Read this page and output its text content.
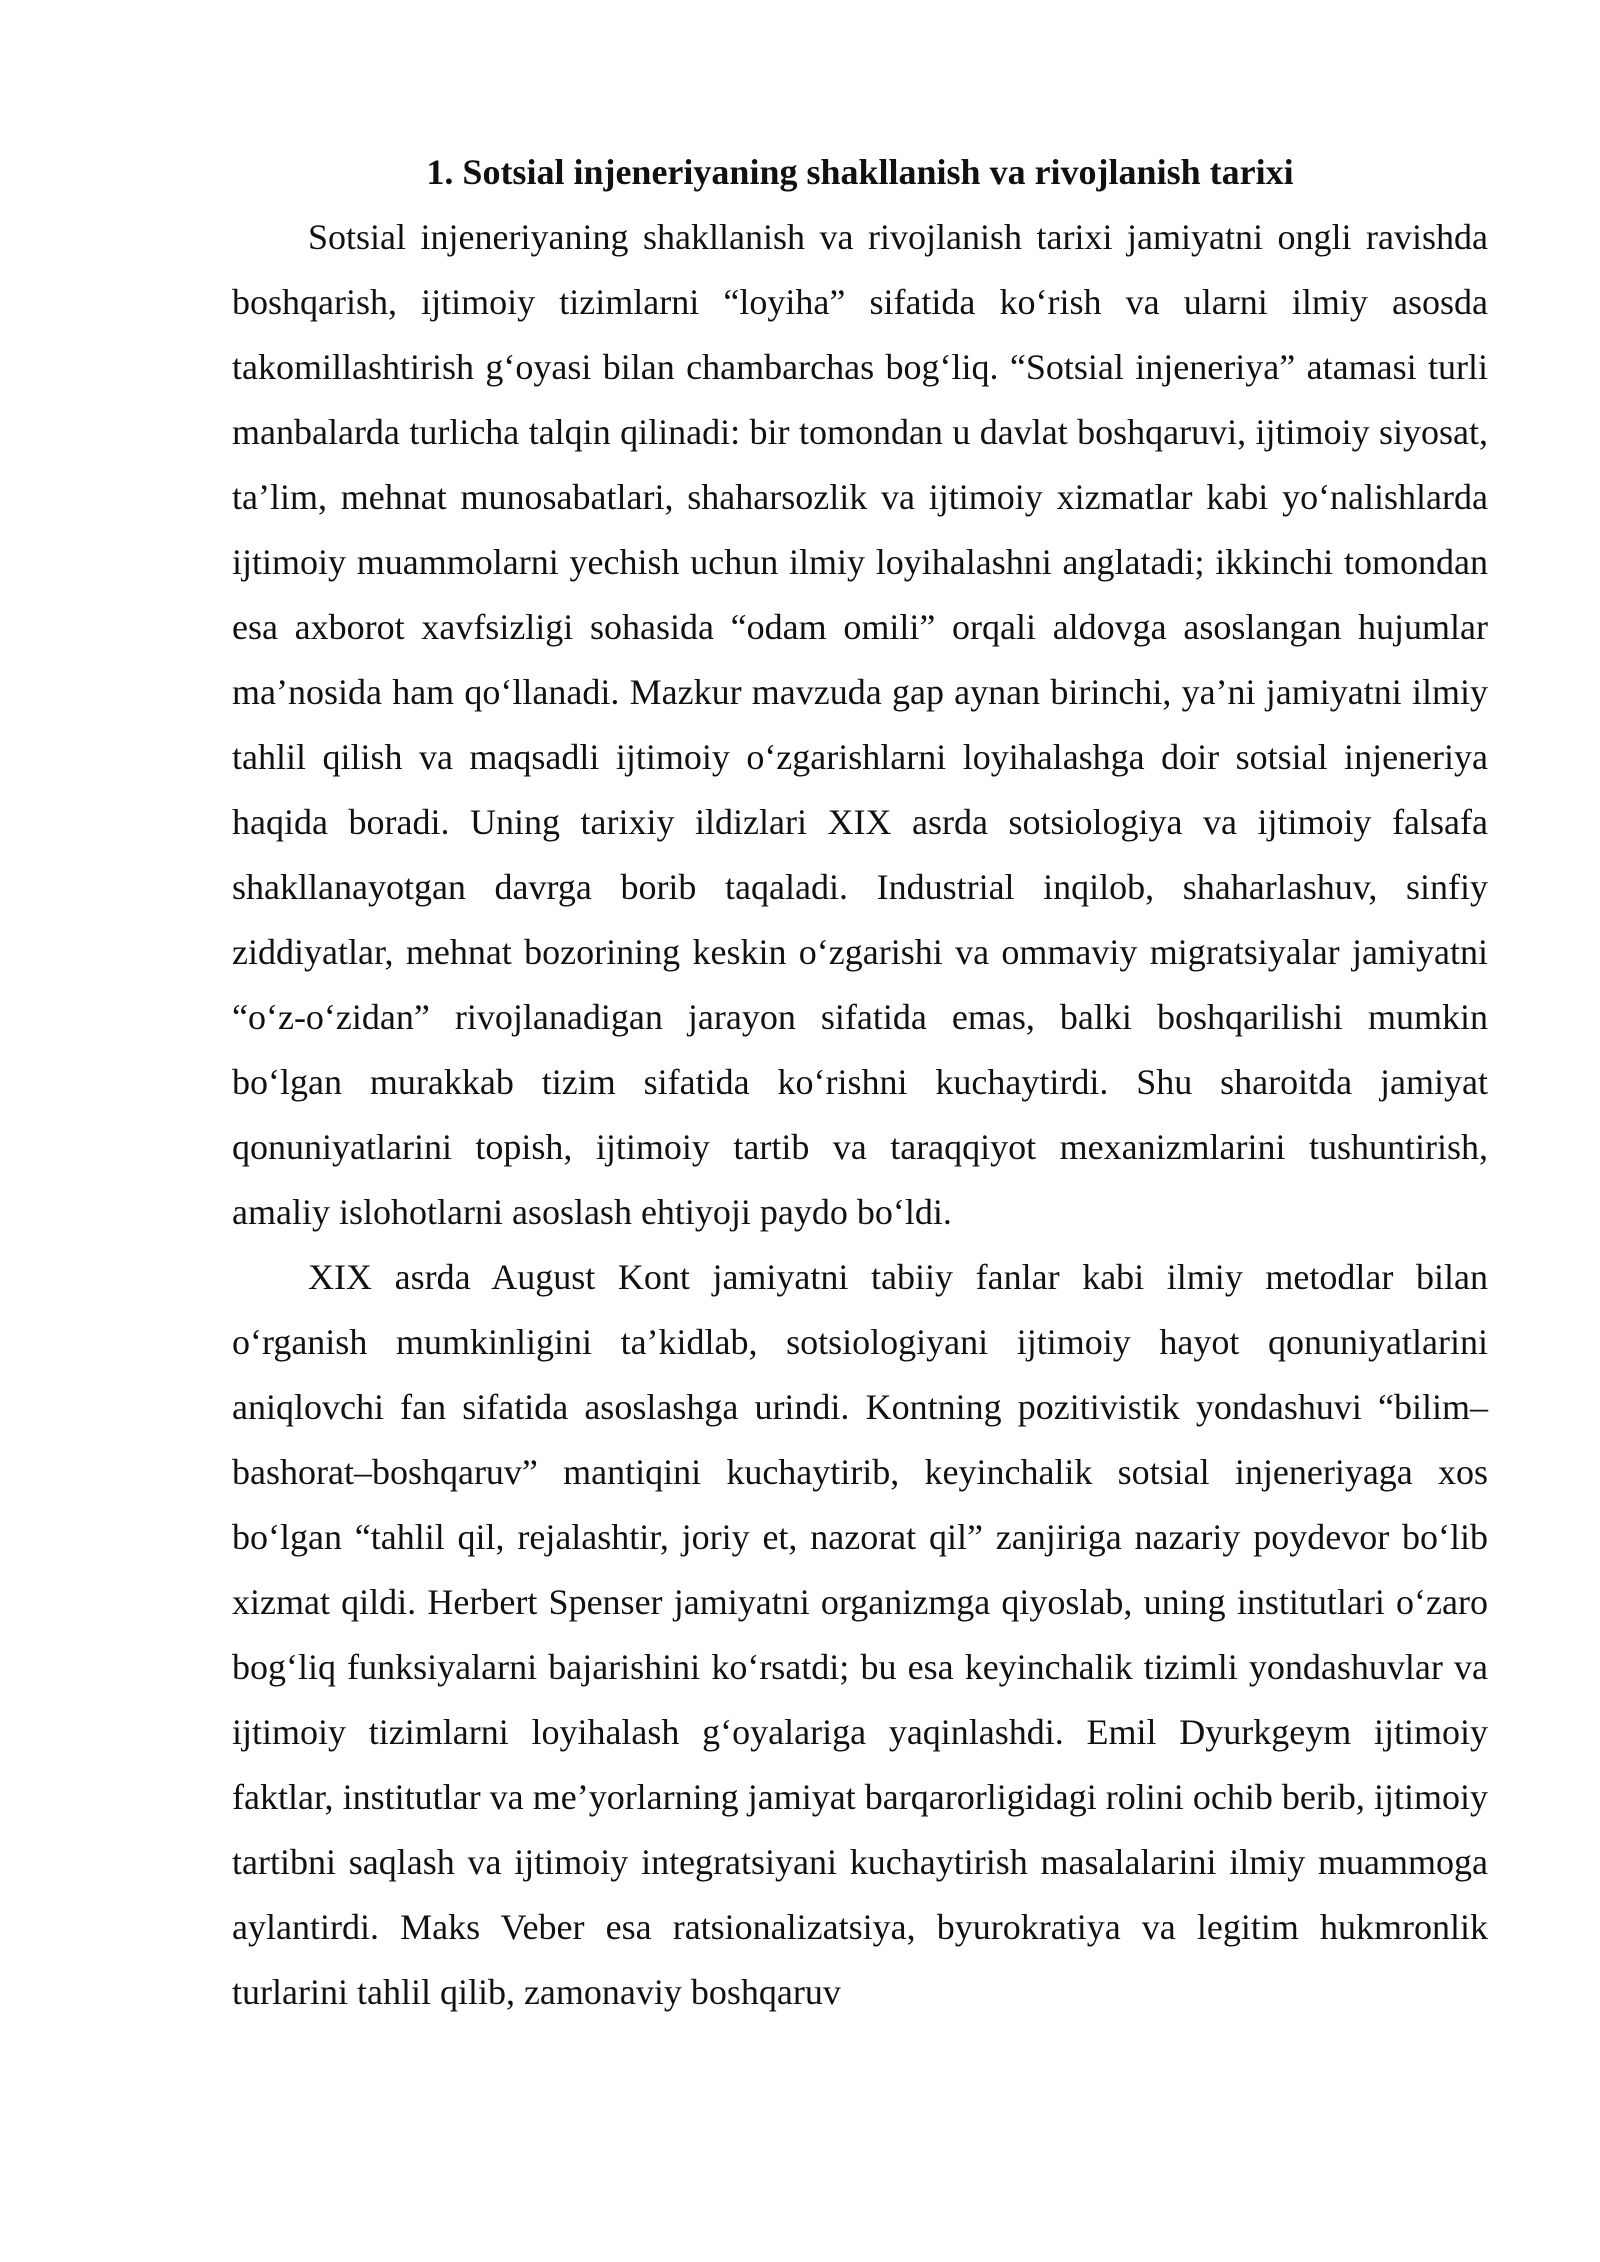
1. Sotsial injeneriyaning shakllanish va rivojlanish tarixi

Sotsial injeneriyaning shakllanish va rivojlanish tarixi jamiyatni ongli ravishda boshqarish, ijtimoiy tizimlarni “loyiha” sifatida ko‘rish va ularni ilmiy asosda takomillashtirish g‘oyasi bilan chambarchas bog‘liq. “Sotsial injeneriya” atamasi turli manbalarda turlicha talqin qilinadi: bir tomondan u davlat boshqaruvi, ijtimoiy siyosat, ta’lim, mehnat munosabatlari, shaharsozlik va ijtimoiy xizmatlar kabi yo‘nalishlarda ijtimoiy muammolarni yechish uchun ilmiy loyihalashni anglatadi; ikkinchi tomondan esa axborot xavfsizligi sohasida “odam omili” orqali aldovga asoslangan hujumlar ma’nosida ham qo‘llanadi. Mazkur mavzuda gap aynan birinchi, ya’ni jamiyatni ilmiy tahlil qilish va maqsadli ijtimoiy o‘zgarishlarni loyihalashga doir sotsial injeneriya haqida boradi. Uning tarixiy ildizlari XIX asrda sotsiologiya va ijtimoiy falsafa shakllanayotgan davrga borib taqaladi. Industrial inqilob, shaharlashuv, sinfiy ziddiyatlar, mehnat bozorining keskin o‘zgarishi va ommaviy migratsiyalar jamiyatni “o‘z-o‘zidan” rivojlanadigan jarayon sifatida emas, balki boshqarilishi mumkin bo‘lgan murakkab tizim sifatida ko‘rishni kuchaytirdi. Shu sharoitda jamiyat qonuniyatlarini topish, ijtimoiy tartib va taraqqiyot mexanizmlarini tushuntirish, amaliy islohotlarni asoslash ehtiyoji paydo bo‘ldi.

XIX asrda August Kont jamiyatni tabiiy fanlar kabi ilmiy metodlar bilan o‘rganish mumkinligini ta’kidlab, sotsiologiyani ijtimoiy hayot qonuniyatlarini aniqlovchi fan sifatida asoslashga urindi. Kontning pozitivistik yondashuvi “bilim–bashorat–boshqaruv” mantiqini kuchaytirib, keyinchalik sotsial injeneriyaga xos bo‘lgan “tahlil qil, rejalashtir, joriy et, nazorat qil” zanjiriga nazariy poydevor bo‘lib xizmat qildi. Herbert Spenser jamiyatni organizmga qiyoslab, uning institutlari o‘zaro bog‘liq funksiyalarni bajarishini ko‘rsatdi; bu esa keyinchalik tizimli yondashuvlar va ijtimoiy tizimlarni loyihalash g‘oyalariga yaqinlashdi. Emil Dyurkgeym ijtimoiy faktlar, institutlar va me’yorlarning jamiyat barqarorligidagi rolini ochib berib, ijtimoiy tartibni saqlash va ijtimoiy integratsiyani kuchaytirish masalalarini ilmiy muammoga aylantirdi. Maks Veber esa ratsionalizatsiya, byurokratiya va legitim hukmronlik turlarini tahlil qilib, zamonaviy boshqaruv
